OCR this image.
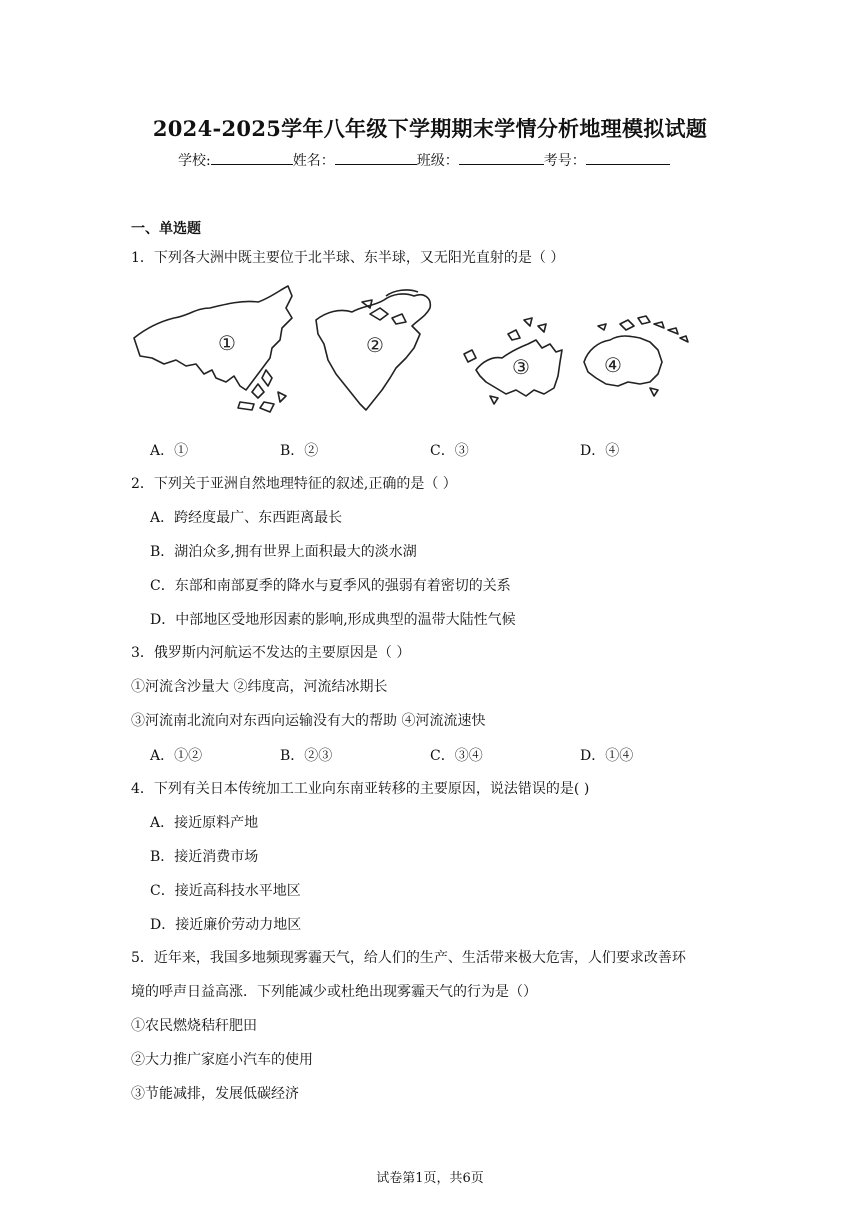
2024-2025学年八年级下学期期末学情分析地理模拟试题
学校:	姓名：	班级：	考号：
一、单选题
1．下列各大洲中既主要位于北半球、东半球，又无阳光直射的是（ ）
①	②
③	④
A．①	B．②	C．③	D．④
2．下列关于亚洲自然地理特征的叙述,正确的是（ ）
A．跨经度最广、东西距离最长
B．湖泊众多,拥有世界上面积最大的淡水湖
C．东部和南部夏季的降水与夏季风的强弱有着密切的关系
D．中部地区受地形因素的影响,形成典型的温带大陆性气候
3．俄罗斯内河航运不发达的主要原因是（ ）
①河流含沙量大 ②纬度高，河流结冰期长
③河流南北流向对东西向运输没有大的帮助 ④河流流速快
A．①②	B．②③	C．③④	D．①④
4．下列有关日本传统加工工业向东南亚转移的主要原因，说法错误的是( )
A．接近原料产地
B．接近消费市场
C．接近高科技水平地区
D．接近廉价劳动力地区
5．近年来，我国多地频现雾霾天气，给人们的生产、生活带来极大危害，人们要求改善环
境的呼声日益高涨．下列能减少或杜绝出现雾霾天气的行为是（）
①农民燃烧秸秆肥田
②大力推广家庭小汽车的使用
③节能减排，发展低碳经济
试卷第1页，共6页
